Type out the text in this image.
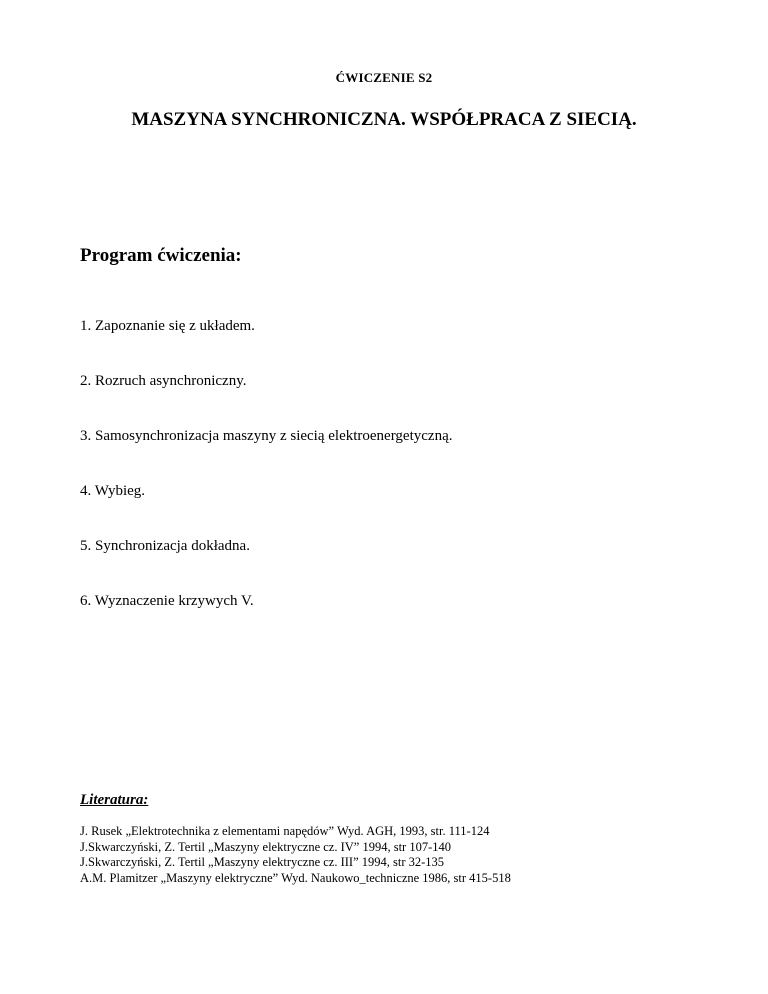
ĆWICZENIE S2
MASZYNA SYNCHRONICZNA. WSPÓŁPRACA Z SIECIĄ.
Program ćwiczenia:
1. Zapoznanie się z układem.
2. Rozruch asynchroniczny.
3. Samosynchronizacja maszyny z siecią elektroenergetyczną.
4. Wybieg.
5. Synchronizacja dokładna.
6. Wyznaczenie krzywych V.
Literatura:
J. Rusek „Elektrotechnika z elementami napędów” Wyd. AGH, 1993, str. 111-124
J.Skwarczyński, Z. Tertil „Maszyny elektryczne cz. IV” 1994, str 107-140
J.Skwarczyński, Z. Tertil „Maszyny elektryczne cz. III” 1994, str 32-135
A.M. Plamitzer „Maszyny elektryczne” Wyd. Naukowo_techniczne 1986, str 415-518
